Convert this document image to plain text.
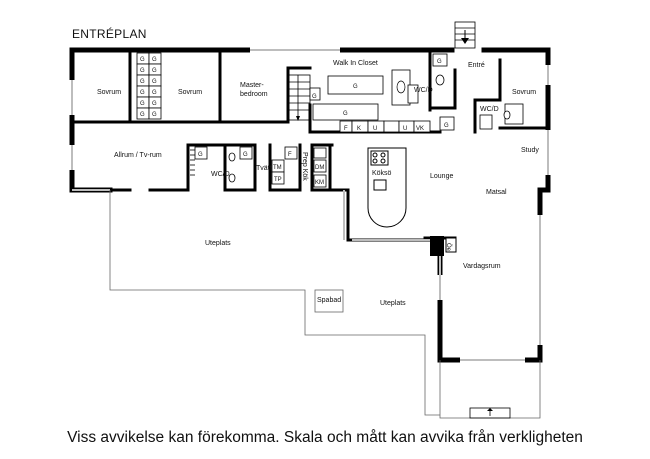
ENTRÉPLAN
Öe
G G
G G
G G
G G
G G
G G
G
G
G
F K U	U VK	G
G
G	G
TM
TP
F
DM
KM
Sovrum	Sovrum
Master-
bedroom
Walk In Closet
WC/D
Entré
Sovrum
WC/D
Study
Allrum / Tv-rum
WC/D
Tvätt
Köksö	Lounge
Matsal
Vardagsrum
Uteplats
Uteplats
Spabad
Prep Kök
Viss avvikelse kan förekomma. Skala och mått kan avvika från verkligheten
